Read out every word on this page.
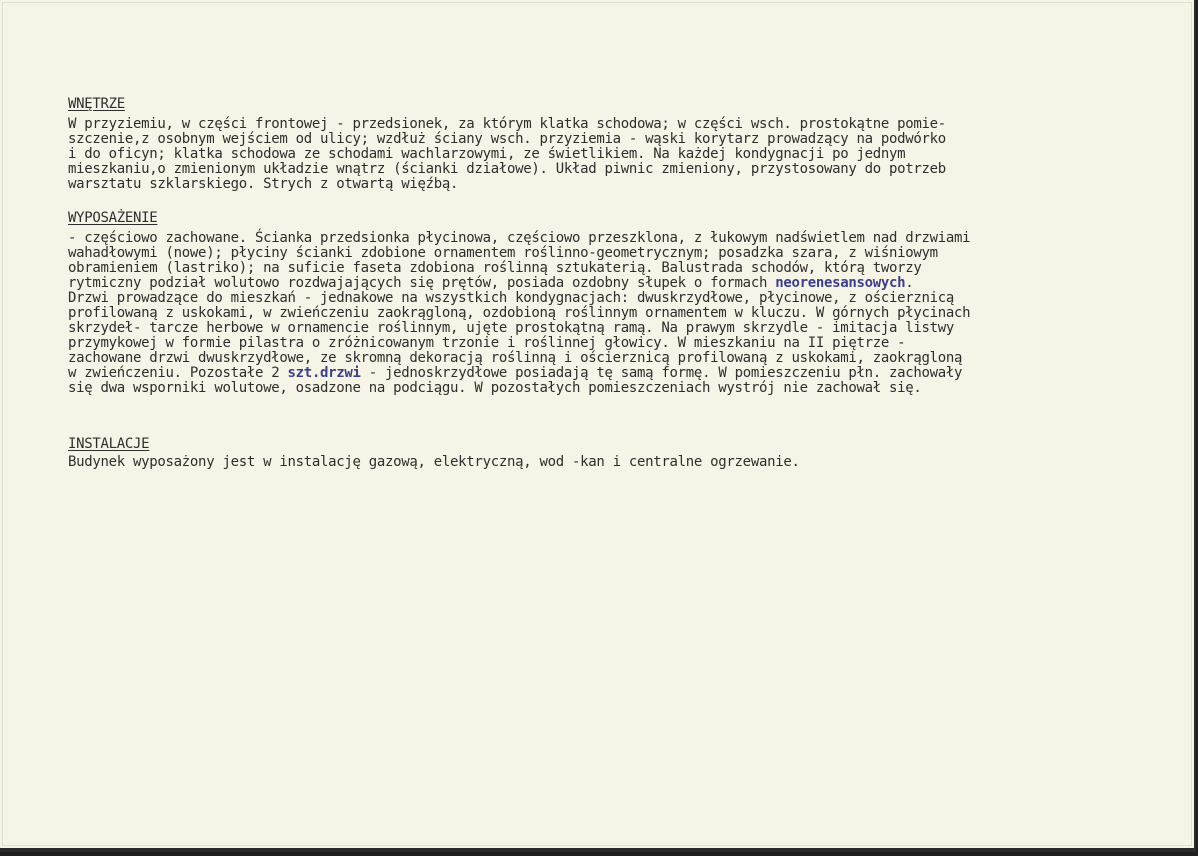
WNĘTRZE
W przyziemiu, w części frontowej - przedsionek, za którym klatka schodowa; w części wsch. prostokątne pomie-
szczenie,z osobnym wejściem od ulicy; wzdłuż ściany wsch. przyziemia - wąski korytarz prowadzący na podwórko
i do oficyn; klatka schodowa ze schodami wachlarzowymi, ze świetlikiem. Na każdej kondygnacji po jednym
mieszkaniu,o zmienionym układzie wnątrz (ścianki działowe). Układ piwnic zmieniony, przystosowany do potrzeb
warsztatu szklarskiego. Strych z otwartą więźbą.
WYPOSAŻENIE
- częściowo zachowane. Ścianka przedsionka płycinowa, częściowo przeszklona, z łukowym nadświetlem nad drzwiami
wahadłowymi (nowe); płyciny ścianki zdobione ornamentem roślinno-geometrycznym; posadzka szara, z wiśniowym
obramieniem (lastriko); na suficie faseta zdobiona roślinną sztukaterią. Balustrada schodów, którą tworzy
rytmiczny podział wolutowo rozdwajających się prętów, posiada ozdobny słupek o formach neorenesansowych.
Drzwi prowadzące do mieszkań - jednakowe na wszystkich kondygnacjach: dwuskrzydłowe, płycinowe, z ościerznicą
profilowaną z uskokami, w zwieńczeniu zaokrągloną, ozdobioną roślinnym ornamentem w kluczu. W górnych płycinach
skrzydeł- tarcze herbowe w ornamencie roślinnym, ujęte prostokątną ramą. Na prawym skrzydle - imitacja listwy
przymykowej w formie pilastra o zróżnicowanym trzonie i roślinnej głowicy. W mieszkaniu na II piętrze -
zachowane drzwi dwuskrzydłowe, ze skromną dekoracją roślinną i ościerznicą profilowaną z uskokami, zaokrągloną
w zwieńczeniu. Pozostałe 2 szt.drzwi - jednoskrzydłowe posiadają tę samą formę. W pomieszczeniu płn. zachowały
się dwa wsporniki wolutowe, osadzone na podciągu. W pozostałych pomieszczeniach wystrój nie zachował się.
INSTALACJE
Budynek wyposażony jest w instalację gazową, elektryczną, wod -kan i centralne ogrzewanie.
